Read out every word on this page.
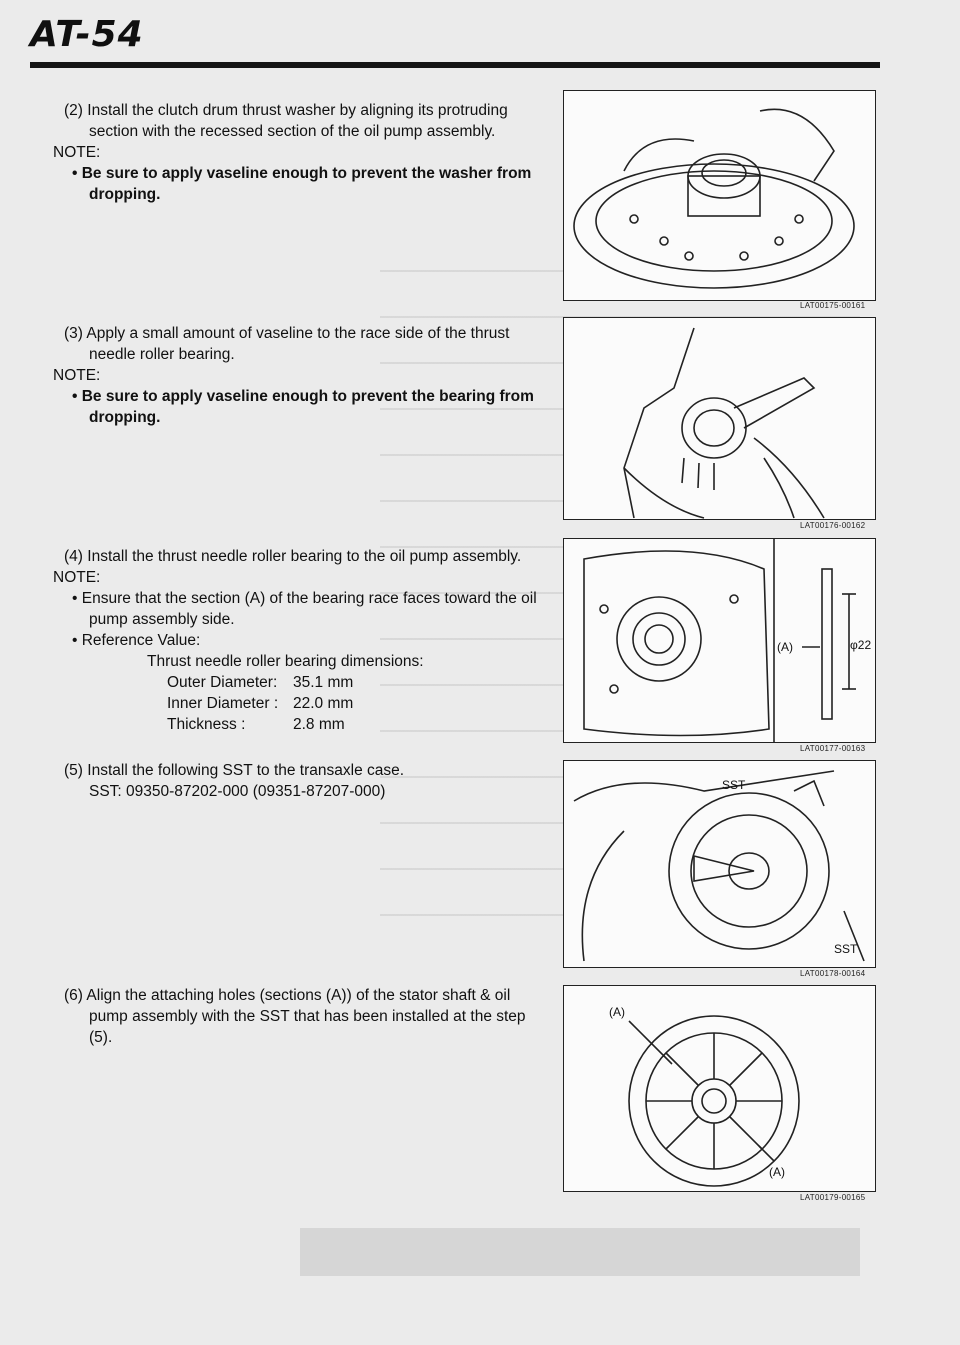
AT-54

(2) Install the clutch drum thrust washer by aligning its protruding section with the recessed section of the oil pump assembly.

NOTE:

• Be sure to apply vaseline enough to prevent the washer from dropping.

LAT00175-00161

(3) Apply a small amount of vaseline to the race side of the thrust needle roller bearing.

NOTE:

• Be sure to apply vaseline enough to prevent the bearing from dropping.

LAT00176-00162

(4) Install the thrust needle roller bearing to the oil pump assembly.

NOTE:

• Ensure that the section (A) of the bearing race faces toward the oil pump assembly side.

• Reference Value:

Thrust needle roller bearing dimensions:

Outer Diameter: 35.1 mm

Inner Diameter : 22.0 mm

Thickness :	2.8 mm

(A)	φ22
LAT00177-00163

(5) Install the following SST to the transaxle case.

SST: 09350-87202-000 (09351-87207-000)	SST
SST
LAT00178-00164

(6) Align the attaching holes (sections (A)) of the stator shaft & oil pump assembly with the SST that has been installed at the step (5).

(A)
(A)
LAT00179-00165
